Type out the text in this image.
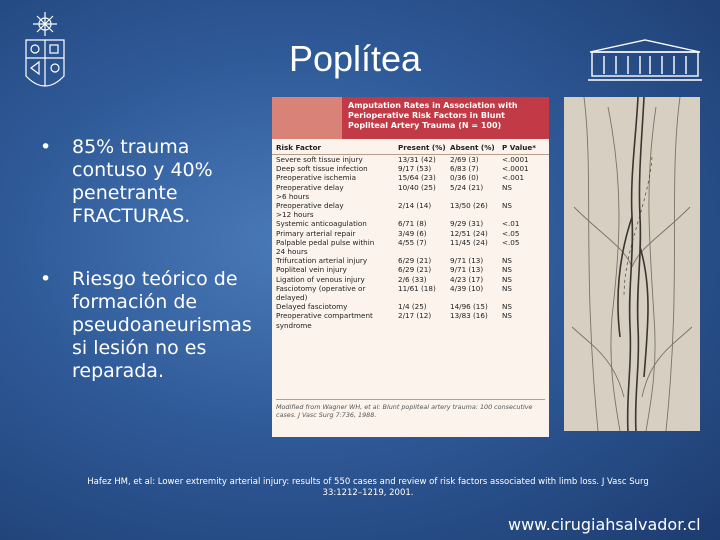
Poplítea
•	85% trauma contuso y 40% penetrante FRACTURAS.
•	Riesgo teórico de formación de pseudoaneurismas si lesión no es reparada.
Amputation Rates in Association with Perioperative Risk Factors in Blunt Popliteal Artery Trauma (N = 100)
Risk Factor	Present (%) Absent (%)	P Value*
Severe soft tissue injury	13/31 (42)	2/69 (3)	<.0001
Deep soft tissue infection	9/17 (53)	6/83 (7)	<.0001
Preoperative ischemia	15/64 (23)	0/36 (0)	<.001
Preoperative delay
>6 hours
10/40 (25)	5/24 (21)	NS
Preoperative delay
>12 hours
2/14 (14)	13/50 (26)	NS
Systemic anticoagulation	6/71 (8)	9/29 (31)	<.01
Primary arterial repair	3/49 (6)	12/51 (24)	<.05
Palpable pedal pulse within
24 hours
4/55 (7)	11/45 (24)	<.05
Trifurcation arterial injury	6/29 (21)	9/71 (13)	NS
Popliteal vein injury	6/29 (21)	9/71 (13)	NS
Ligation of venous injury	2/6 (33)	4/23 (17)	NS
Fasciotomy (operative or
delayed)
11/61 (18)	4/39 (10)	NS
Delayed fasciotomy	1/4 (25)	14/96 (15)	NS
Preoperative compartment
syndrome
2/17 (12)	13/83 (16)	NS
Modified from Wagner WH, et al: Blunt popliteal artery trauma: 100 consecutive cases. J Vasc Surg 7:736, 1988.
Hafez HM, et al: Lower extremity arterial injury: results of 550 cases and review of risk factors associated with limb loss. J Vasc Surg 33:1212–1219, 2001.
www.cirugiahsalvador.cl
